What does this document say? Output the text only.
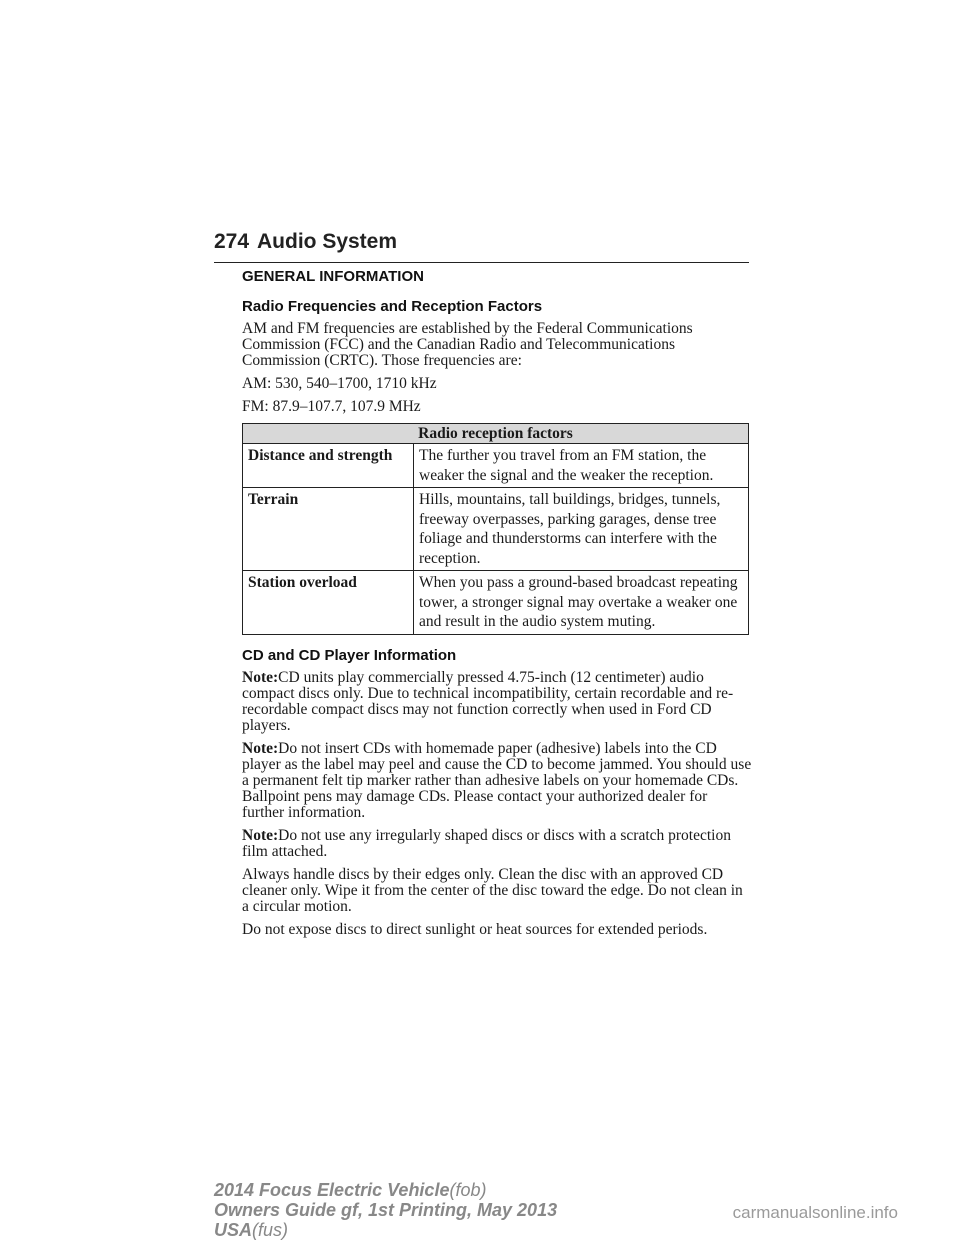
274 Audio System
GENERAL INFORMATION
Radio Frequencies and Reception Factors

AM and FM frequencies are established by the Federal Communications Commission (FCC) and the Canadian Radio and Telecommunications Commission (CRTC). Those frequencies are:

AM: 530, 540–1700, 1710 kHz

FM: 87.9–107.7, 107.9 MHz

Radio reception factors	
Distance and strength	The further you travel from an FM station, the weaker the signal and the weaker the reception.
Terrain	Hills, mountains, tall buildings, bridges, tunnels, freeway overpasses, parking garages, dense tree foliage and thunderstorms can interfere with the reception.
Station overload	When you pass a ground-based broadcast repeating tower, a stronger signal may overtake a weaker one and result in the audio system muting.
CD and CD Player Information

Note:CD units play commercially pressed 4.75-inch (12 centimeter) audio compact discs only. Due to technical incompatibility, certain recordable and re-recordable compact discs may not function correctly when used in Ford CD players.

Note:Do not insert CDs with homemade paper (adhesive) labels into the CD player as the label may peel and cause the CD to become jammed. You should use a permanent felt tip marker rather than adhesive labels on your homemade CDs. Ballpoint pens may damage CDs. Please contact your authorized dealer for further information.

Note:Do not use any irregularly shaped discs or discs with a scratch protection film attached.

Always handle discs by their edges only. Clean the disc with an approved CD cleaner only. Wipe it from the center of the disc toward the edge. Do not clean in a circular motion.

Do not expose discs to direct sunlight or heat sources for extended periods.

2014 Focus Electric Vehicle(fob)
Owners Guide gf, 1st Printing, May 2013
USA(fus)
carmanualsonline.info
